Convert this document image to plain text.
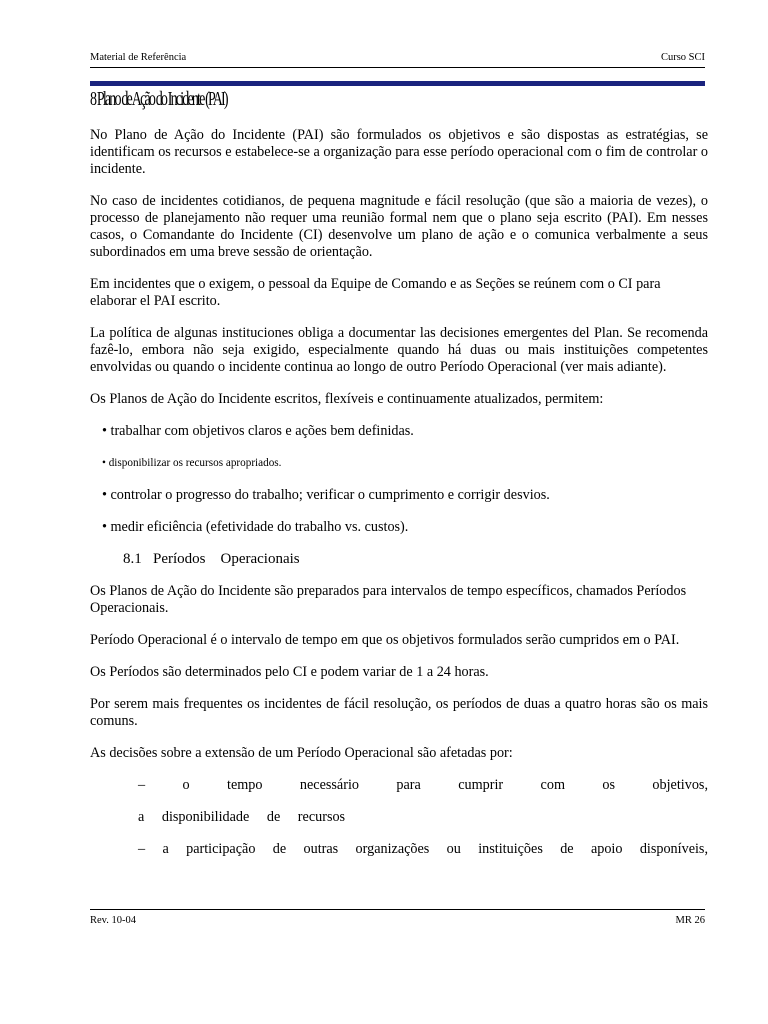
Material de Referência	Curso SCI
8 Plano de Ação do Incidente (PAI)

No Plano de Ação do Incidente (PAI) são formulados os objetivos e são dispostas as estratégias, se identificam os recursos e estabelece-se a organização para esse período operacional com o fim de controlar o incidente.

No caso de incidentes cotidianos, de pequena magnitude e fácil resolução (que são a maioria de vezes), o processo de planejamento não requer uma reunião formal nem que o plano seja escrito (PAI). Em nesses casos, o Comandante do Incidente (CI) desenvolve um plano de ação e o comunica verbalmente a seus subordinados em uma breve sessão de orientação.

Em incidentes que o exigem, o pessoal da Equipe de Comando e as Seções se reúnem com o CI para elaborar el PAI escrito.

La política de algunas instituciones obliga a documentar las decisiones emergentes del Plan. Se recomenda fazê-lo, embora não seja exigido, especialmente quando há duas ou mais instituições competentes envolvidas ou quando o incidente continua ao longo de outro Período Operacional (ver mais adiante).

Os Planos de Ação do Incidente escritos, flexíveis e continuamente atualizados, permitem:

• trabalhar com objetivos claros e ações bem definidas.
• disponibilizar os recursos apropriados.
• controlar o progresso do trabalho; verificar o cumprimento e corrigir desvios.
• medir eficiência (efetividade do trabalho vs. custos).
8.1 Períodos    Operacionais

Os Planos de Ação do Incidente são preparados para intervalos de tempo específicos, chamados Períodos Operacionais.

Período Operacional é o intervalo de tempo em que os objetivos formulados serão cumpridos em o PAI.

Os Períodos são determinados pelo CI e podem variar de 1 a 24 horas.

Por serem mais frequentes os incidentes de fácil resolução, os períodos de duas a quatro horas são os mais comuns.

As decisões sobre a extensão de um Período Operacional são afetadas por:

– o tempo necessário para cumprir com os objetivos,
a disponibilidade de recursos
– a participação de outras organizações ou instituições de apoio disponíveis,
Rev. 10-04	MR 26
